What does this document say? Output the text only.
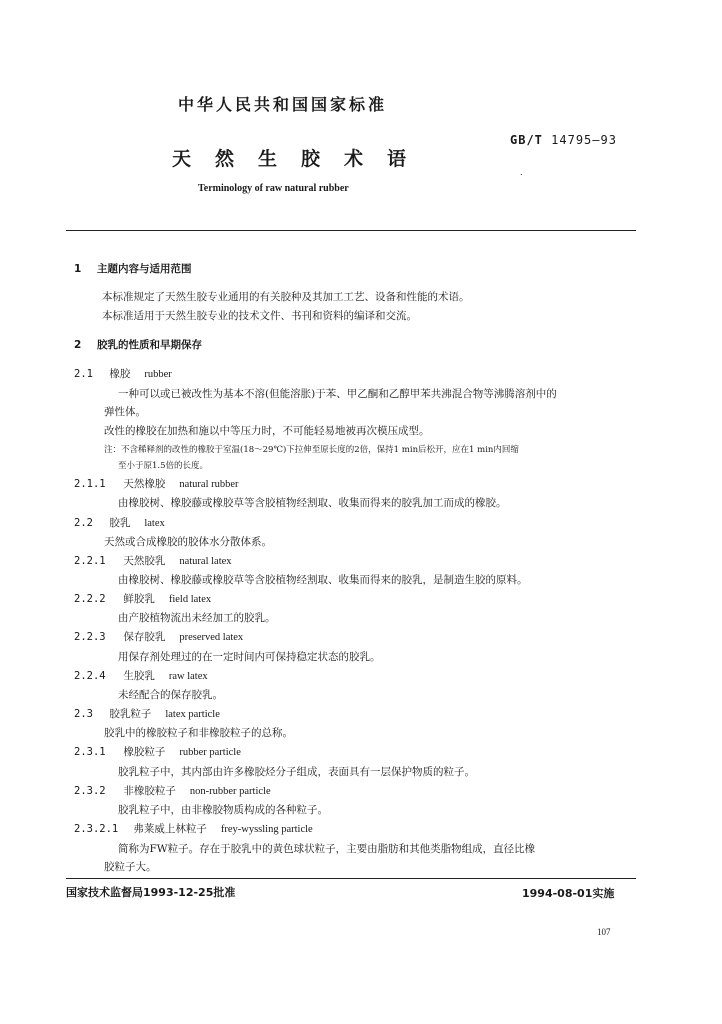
中华人民共和国国家标准
GB/T 14795—93
天然生胶术语
.
Terminology of raw natural rubber
1 主题内容与适用范围
本标准规定了天然生胶专业通用的有关胶种及其加工工艺、设备和性能的术语。
本标准适用于天然生胶专业的技术文件、书刊和资料的编译和交流。
2 胶乳的性质和早期保存
2.1 橡胶 rubber
一种可以或已被改性为基本不溶(但能溶胀)于苯、甲乙酮和乙醇甲苯共沸混合物等沸腾溶剂中的
弹性体。
改性的橡胶在加热和施以中等压力时，不可能轻易地被再次模压成型。
注：不含稀释剂的改性的橡胶于室温(18～29℃)下拉伸至原长度的2倍，保持1 min后松开，应在1 min内回缩
至小于原1.5倍的长度。
2.1.1 天然橡胶 natural rubber
由橡胶树、橡胶藤或橡胶草等含胶植物经割取、收集而得来的胶乳加工而成的橡胶。
2.2 胶乳 latex
天然或合成橡胶的胶体水分散体系。
2.2.1 天然胶乳 natural latex
由橡胶树、橡胶藤或橡胶草等含胶植物经割取、收集而得来的胶乳，是制造生胶的原料。
2.2.2 鲜胶乳 field latex
由产胶植物流出未经加工的胶乳。
2.2.3 保存胶乳 preserved latex
用保存剂处理过的在一定时间内可保持稳定状态的胶乳。
2.2.4 生胶乳 raw latex
未经配合的保存胶乳。
2.3 胶乳粒子 latex particle
胶乳中的橡胶粒子和非橡胶粒子的总称。
2.3.1 橡胶粒子 rubber particle
胶乳粒子中，其内部由许多橡胶烃分子组成，表面具有一层保护物质的粒子。
2.3.2 非橡胶粒子 non-rubber particle
胶乳粒子中，由非橡胶物质构成的各种粒子。
2.3.2.1 弗莱威上林粒子 frey-wyssling particle
简称为FW粒子。存在于胶乳中的黄色球状粒子，主要由脂肪和其他类脂物组成，直径比橡
胶粒子大。
国家技术监督局1993-12-25批准	1994-08-01实施
107
